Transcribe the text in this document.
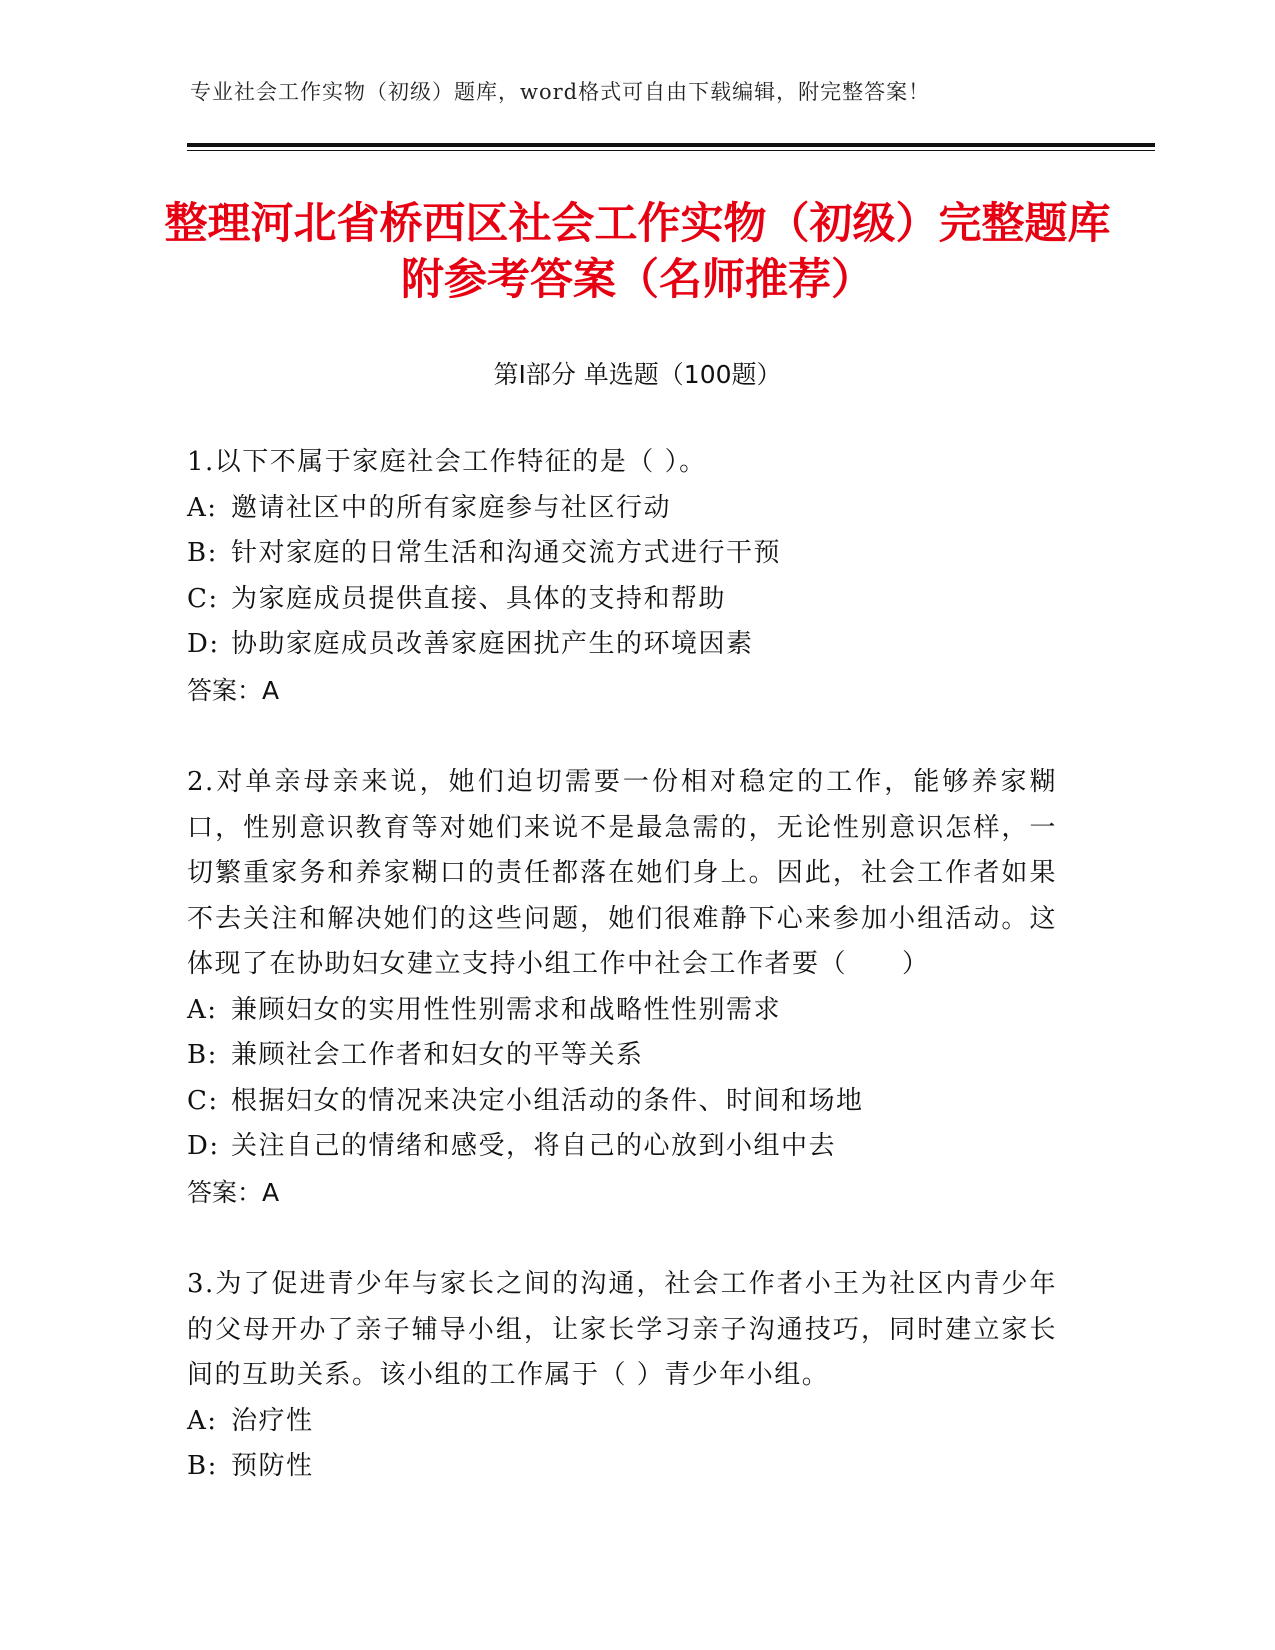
专业社会工作实物（初级）题库，word格式可自由下载编辑，附完整答案！
整理河北省桥西区社会工作实物（初级）完整题库附参考答案（名师推荐）
第Ⅰ部分 单选题（100题）
1.以下不属于家庭社会工作特征的是（ ）。
A: 邀请社区中的所有家庭参与社区行动
B: 针对家庭的日常生活和沟通交流方式进行干预
C: 为家庭成员提供直接、具体的支持和帮助
D: 协助家庭成员改善家庭困扰产生的环境因素
答案：A
2.对单亲母亲来说，她们迫切需要一份相对稳定的工作，能够养家糊口，性别意识教育等对她们来说不是最急需的，无论性别意识怎样，一切繁重家务和养家糊口的责任都落在她们身上。因此，社会工作者如果不去关注和解决她们的这些问题，她们很难静下心来参加小组活动。这体现了在协助妇女建立支持小组工作中社会工作者要（　　）
A: 兼顾妇女的实用性性别需求和战略性性别需求
B: 兼顾社会工作者和妇女的平等关系
C: 根据妇女的情况来决定小组活动的条件、时间和场地
D: 关注自己的情绪和感受，将自己的心放到小组中去
答案：A
3.为了促进青少年与家长之间的沟通，社会工作者小王为社区内青少年的父母开办了亲子辅导小组，让家长学习亲子沟通技巧，同时建立家长间的互助关系。该小组的工作属于（ ）青少年小组。
A: 治疗性
B: 预防性
